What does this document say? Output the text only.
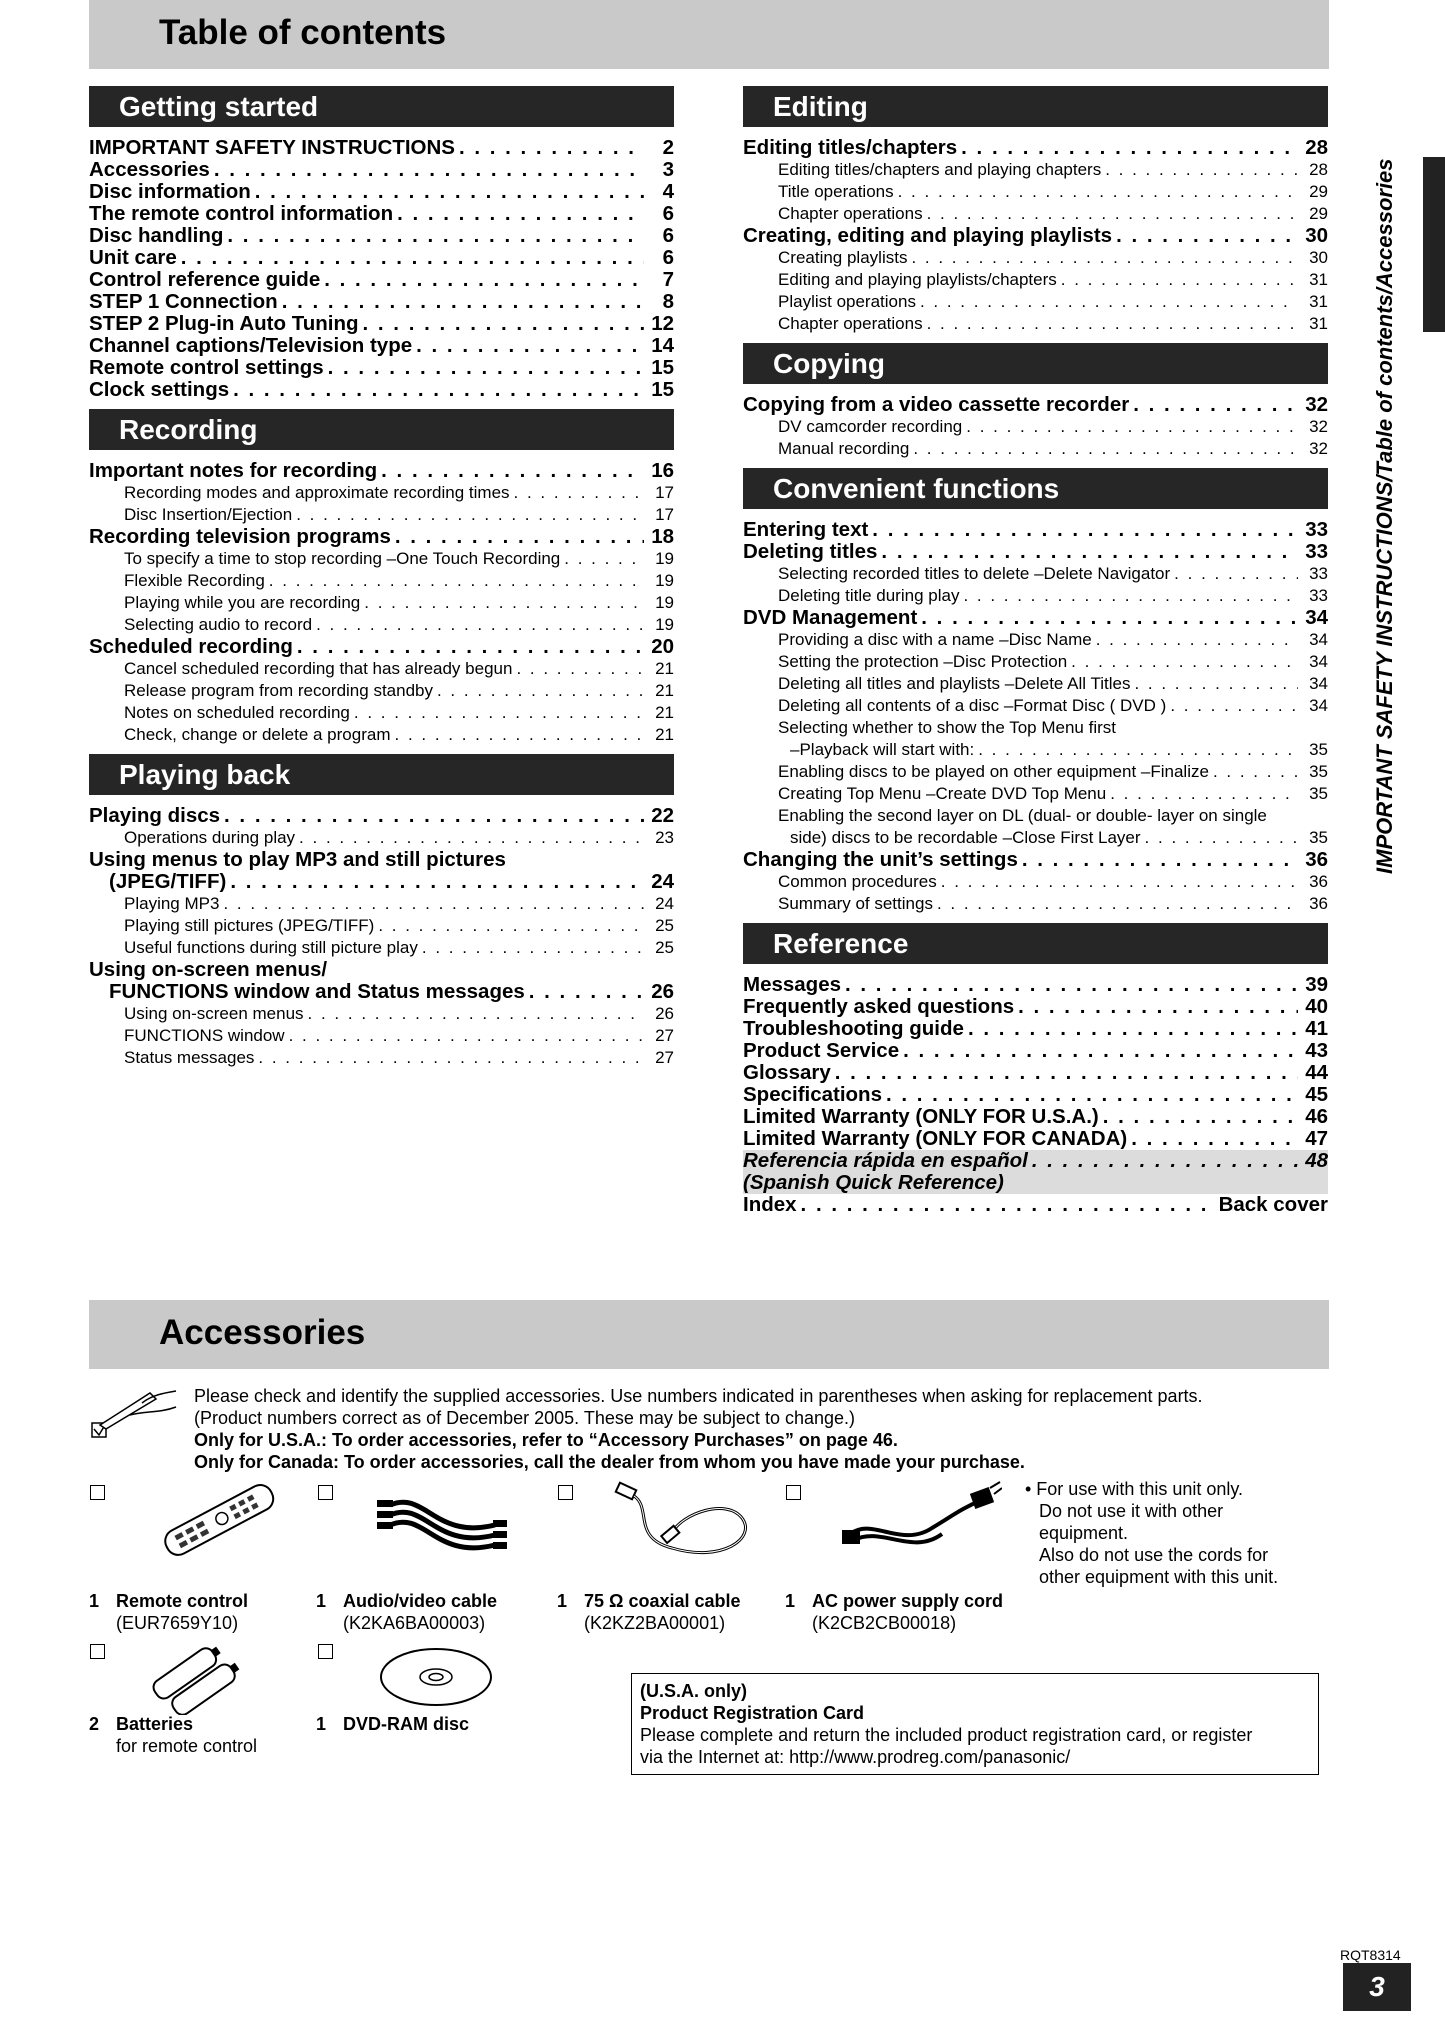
Table of contents
Getting started
IMPORTANT SAFETY INSTRUCTIONS . . .	2
Accessories . . .	3
Disc information . . .	4
The remote control information . . .	6
Disc handling . . .	6
Unit care . . .	6
Control reference guide . . .	7
STEP 1 Connection . . .	8
STEP 2 Plug-in Auto Tuning . . .	12
Channel captions/Television type . . .	14
Remote control settings . . .	15
Clock settings . . .	15
Recording
Important notes for recording . . .	16
Recording modes and approximate recording times . . .	17
Disc Insertion/Ejection . . .	17
Recording television programs . . .	18
To specify a time to stop recording –One Touch Recording . . .	19
Flexible Recording . . .	19
Playing while you are recording . . .	19
Selecting audio to record . . .	19
Scheduled recording . . .	20
Cancel scheduled recording that has already begun . . .	21
Release program from recording standby . . .	21
Notes on scheduled recording . . .	21
Check, change or delete a program . . .	21
Playing back
Playing discs . . .	22
Operations during play . . .	23
Using menus to play MP3 and still pictures
(JPEG/TIFF) . . .	24
Playing MP3 . . .	24
Playing still pictures (JPEG/TIFF) . . .	25
Useful functions during still picture play . . .	25
Using on-screen menus/
FUNCTIONS window and Status messages . . .	26
Using on-screen menus . . .	26
FUNCTIONS window . . .	27
Status messages . . .	27
Editing
Editing titles/chapters . . .	28
Editing titles/chapters and playing chapters . . .	28
Title operations . . .	29
Chapter operations . . .	29
Creating, editing and playing playlists . . .	30
Creating playlists . . .	30
Editing and playing playlists/chapters . . .	31
Playlist operations . . .	31
Chapter operations . . .	31
Copying
Copying from a video cassette recorder . . .	32
DV camcorder recording . . .	32
Manual recording . . .	32
Convenient functions
Entering text . . .	33
Deleting titles . . .	33
Selecting recorded titles to delete –Delete Navigator . . .	33
Deleting title during play . . .	33
DVD Management . . .	34
Providing a disc with a name –Disc Name . . .	34
Setting the protection –Disc Protection . . .	34
Deleting all titles and playlists –Delete All Titles . . .	34
Deleting all contents of a disc –Format Disc ( DVD ) . . .	34
Selecting whether to show the Top Menu first
–Playback will start with: . . .	35
Enabling discs to be played on other equipment –Finalize . . .	35
Creating Top Menu –Create DVD Top Menu . . .	35
Enabling the second layer on DL (dual- or double- layer on single
side) discs to be recordable –Close First Layer . . .	35
Changing the unit’s settings . . .	36
Common procedures . . .	36
Summary of settings . . .	36
Reference
Messages . . .	39
Frequently asked questions . . .	40
Troubleshooting guide . . .	41
Product Service . . .	43
Glossary . . .	44
Specifications . . .	45
Limited Warranty (ONLY FOR U.S.A.) . . .	46
Limited Warranty (ONLY FOR CANADA) . . .	47
Referencia rápida en español . . .	48
(Spanish Quick Reference)
Index . . .	Back cover
IMPORTANT SAFETY INSTRUCTIONS/Table of contents/Accessories
Accessories
Please check and identify the supplied accessories. Use numbers indicated in parentheses when asking for replacement parts.
(Product numbers correct as of December 2005. These may be subject to change.)
Only for U.S.A.: To order accessories, refer to “Accessory Purchases” on page 46.
Only for Canada: To order accessories, call the dealer from whom you have made your purchase.
1 Remote control
(EUR7659Y10)
1 Audio/video cable
(K2KA6BA00003)
1 75 Ω coaxial cable
(K2KZ2BA00001)
1 AC power supply cord
(K2CB2CB00018)
2 Batteries
for remote control
1 DVD-RAM disc
• For use with this unit only.
Do not use it with other
equipment.
Also do not use the cords for
other equipment with this unit.
(U.S.A. only)
Product Registration Card
Please complete and return the included product registration card, or register
via the Internet at: http://www.prodreg.com/panasonic/
RQT8314
3
